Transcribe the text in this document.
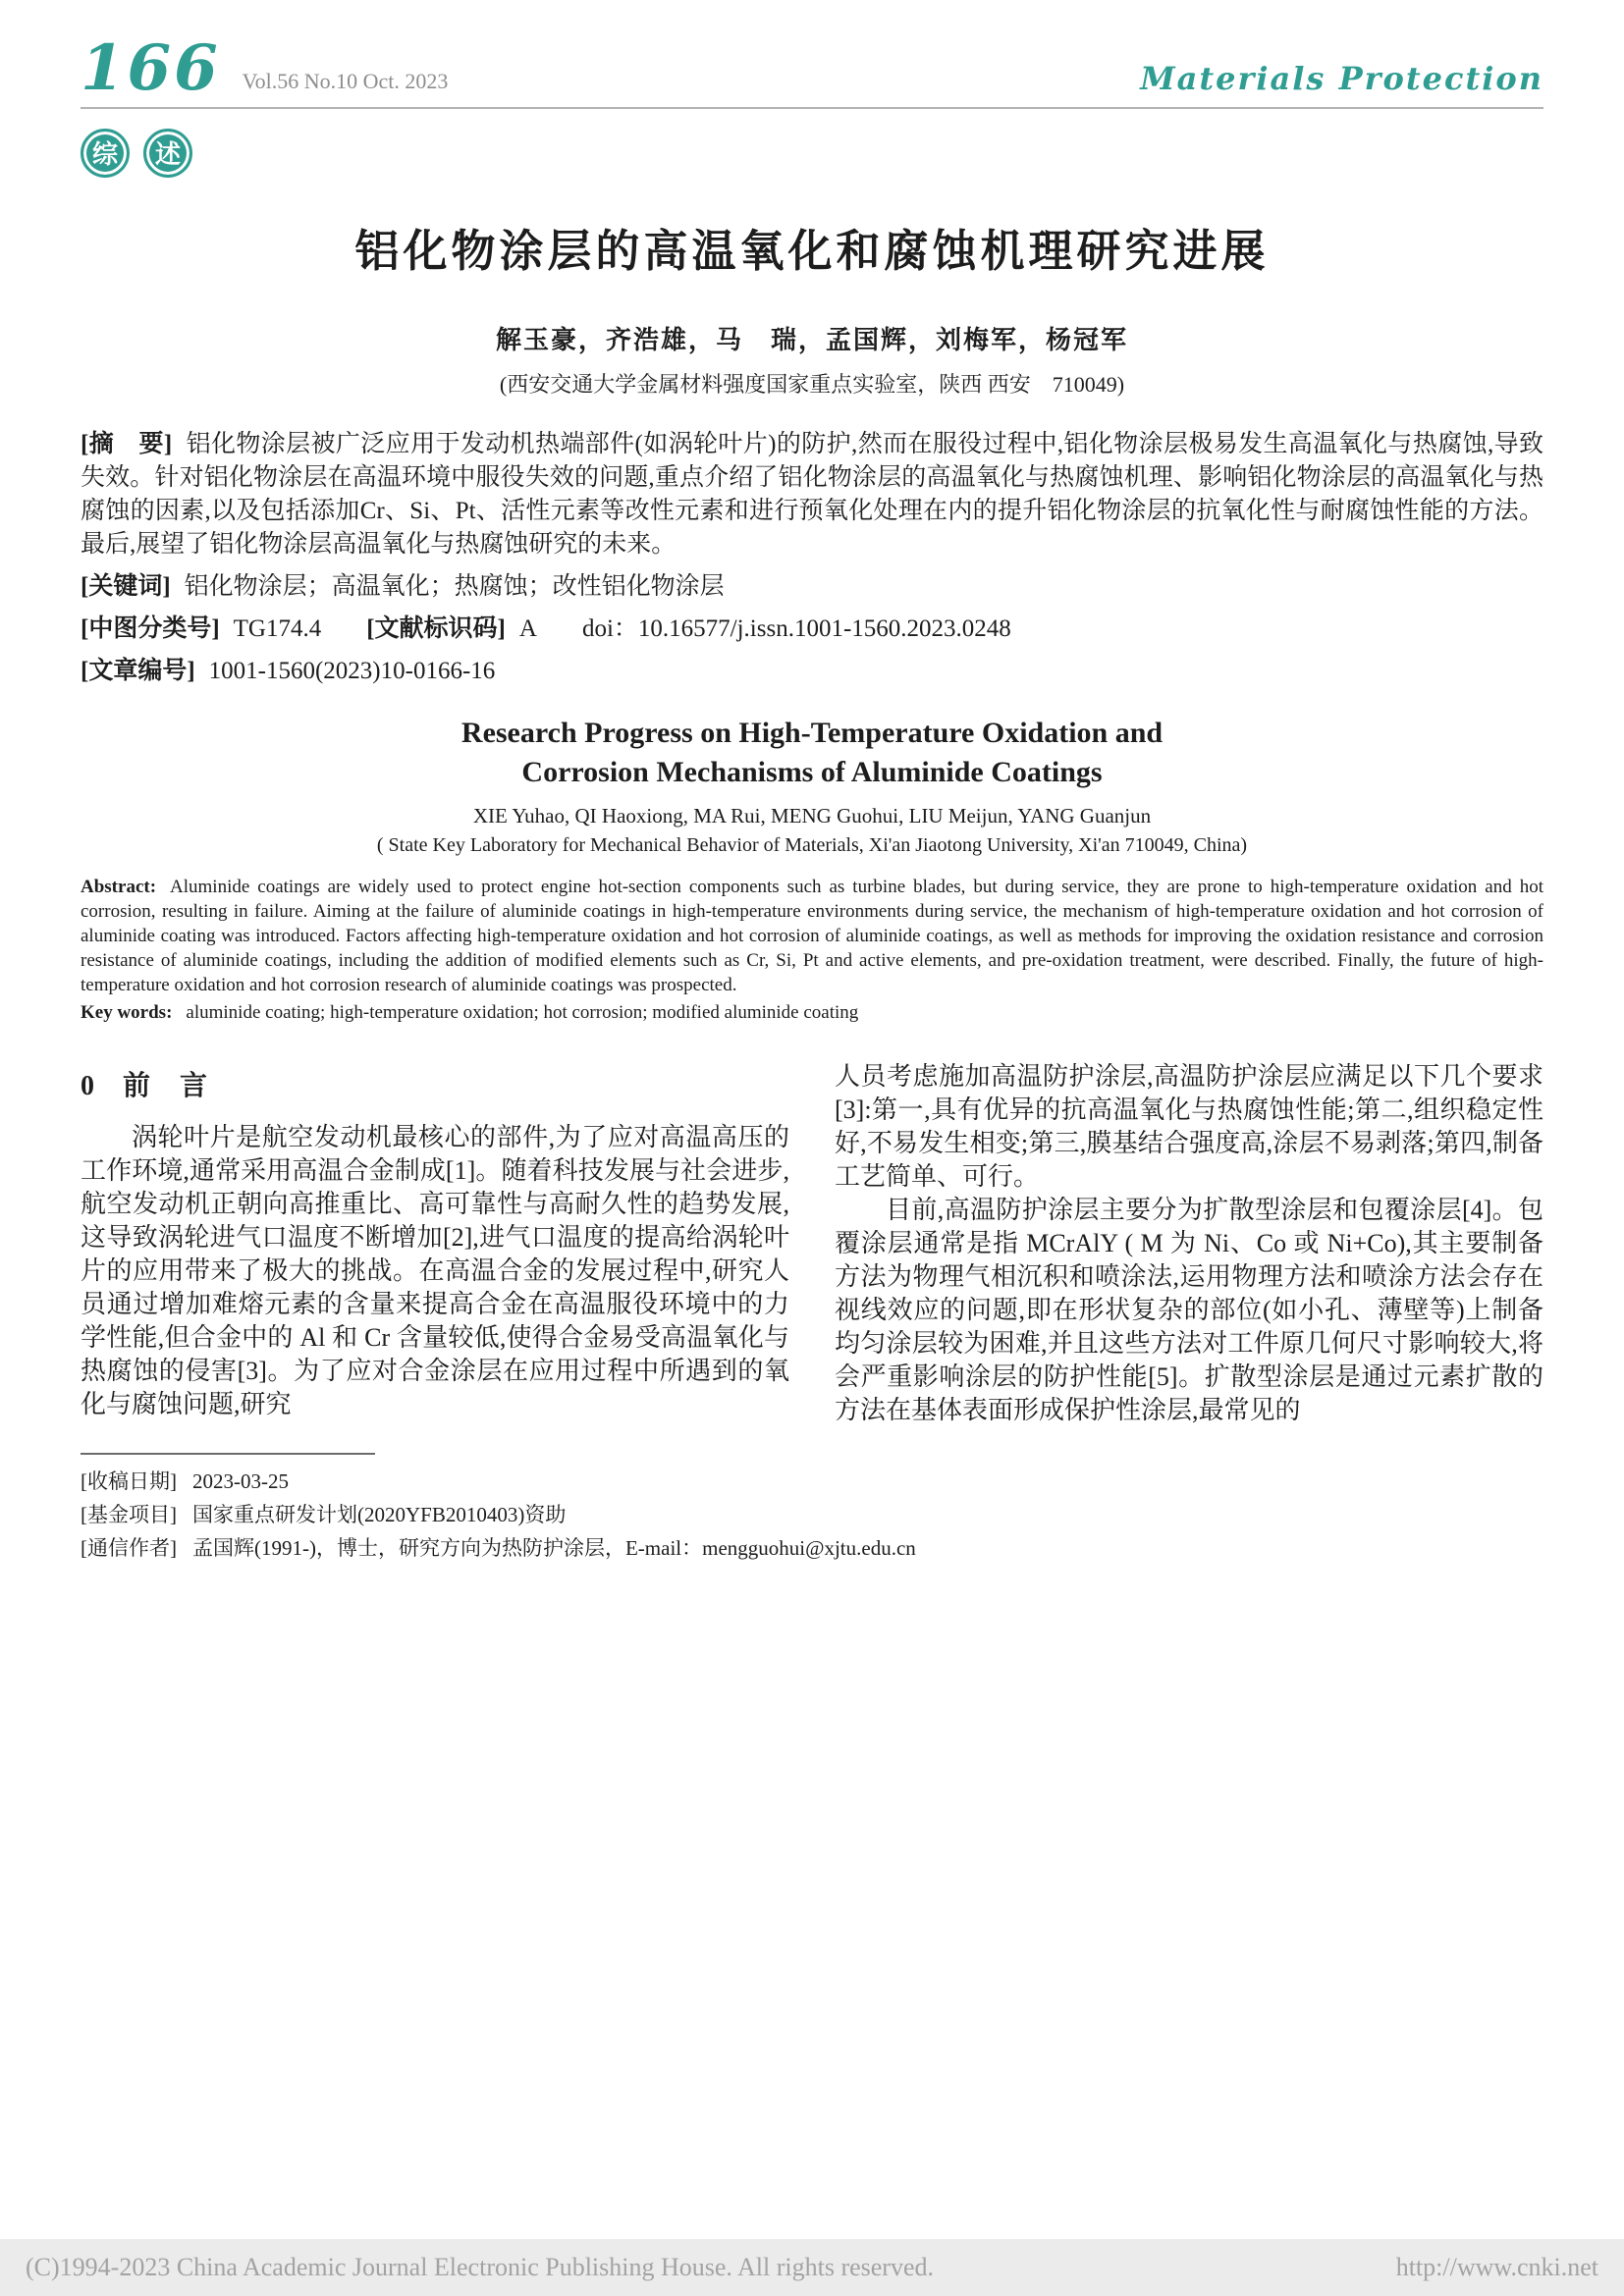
166 Vol.56 No.10 Oct. 2023	Materials Protection
综 述
铝化物涂层的高温氧化和腐蚀机理研究进展
解玉豪，齐浩雄，马　瑞，孟国辉，刘梅军，杨冠军
(西安交通大学金属材料强度国家重点实验室，陕西 西安　710049)

[摘　要] 铝化物涂层被广泛应用于发动机热端部件(如涡轮叶片)的防护,然而在服役过程中,铝化物涂层极易发生高温氧化与热腐蚀,导致失效。针对铝化物涂层在高温环境中服役失效的问题,重点介绍了铝化物涂层的高温氧化与热腐蚀机理、影响铝化物涂层的高温氧化与热腐蚀的因素,以及包括添加Cr、Si、Pt、活性元素等改性元素和进行预氧化处理在内的提升铝化物涂层的抗氧化性与耐腐蚀性能的方法。最后,展望了铝化物涂层高温氧化与热腐蚀研究的未来。

[关键词] 铝化物涂层；高温氧化；热腐蚀；改性铝化物涂层

[中图分类号] TG174.4 [文献标识码] A doi：10.16577/j.issn.1001-1560.2023.0248

[文章编号] 1001-1560(2023)10-0166-16

Research Progress on High-Temperature Oxidation and
Corrosion Mechanisms of Aluminide Coatings
XIE Yuhao, QI Haoxiong, MA Rui, MENG Guohui, LIU Meijun, YANG Guanjun
( State Key Laboratory for Mechanical Behavior of Materials, Xi'an Jiaotong University, Xi'an 710049, China)

Abstract: Aluminide coatings are widely used to protect engine hot-section components such as turbine blades, but during service, they are prone to high-temperature oxidation and hot corrosion, resulting in failure. Aiming at the failure of aluminide coatings in high-temperature environments during service, the mechanism of high-temperature oxidation and hot corrosion of aluminide coating was introduced. Factors affecting high-temperature oxidation and hot corrosion of aluminide coatings, as well as methods for improving the oxidation resistance and corrosion resistance of aluminide coatings, including the addition of modified elements such as Cr, Si, Pt and active elements, and pre-oxidation treatment, were described. Finally, the future of high-temperature oxidation and hot corrosion research of aluminide coatings was prospected.

Key words: aluminide coating; high-temperature oxidation; hot corrosion; modified aluminide coating

0 前　言

涡轮叶片是航空发动机最核心的部件,为了应对高温高压的工作环境,通常采用高温合金制成[1]。随着科技发展与社会进步,航空发动机正朝向高推重比、高可靠性与高耐久性的趋势发展,这导致涡轮进气口温度不断增加[2],进气口温度的提高给涡轮叶片的应用带来了极大的挑战。在高温合金的发展过程中,研究人员通过增加难熔元素的含量来提高合金在高温服役环境中的力学性能,但合金中的 Al 和 Cr 含量较低,使得合金易受高温氧化与热腐蚀的侵害[3]。为了应对合金涂层在应用过程中所遇到的氧化与腐蚀问题,研究

人员考虑施加高温防护涂层,高温防护涂层应满足以下几个要求[3]:第一,具有优异的抗高温氧化与热腐蚀性能;第二,组织稳定性好,不易发生相变;第三,膜基结合强度高,涂层不易剥落;第四,制备工艺简单、可行。

目前,高温防护涂层主要分为扩散型涂层和包覆涂层[4]。包覆涂层通常是指 MCrAlY ( M 为 Ni、Co 或 Ni+Co),其主要制备方法为物理气相沉积和喷涂法,运用物理方法和喷涂方法会存在视线效应的问题,即在形状复杂的部位(如小孔、薄壁等)上制备均匀涂层较为困难,并且这些方法对工件原几何尺寸影响较大,将会严重影响涂层的防护性能[5]。扩散型涂层是通过元素扩散的方法在基体表面形成保护性涂层,最常见的

[收稿日期] 2023-03-25
[基金项目] 国家重点研发计划(2020YFB2010403)资助
[通信作者] 孟国辉(1991-)，博士，研究方向为热防护涂层，E-mail：mengguohui@xjtu.edu.cn
(C)1994-2023 China Academic Journal Electronic Publishing House. All rights reserved.	http://www.cnki.net
